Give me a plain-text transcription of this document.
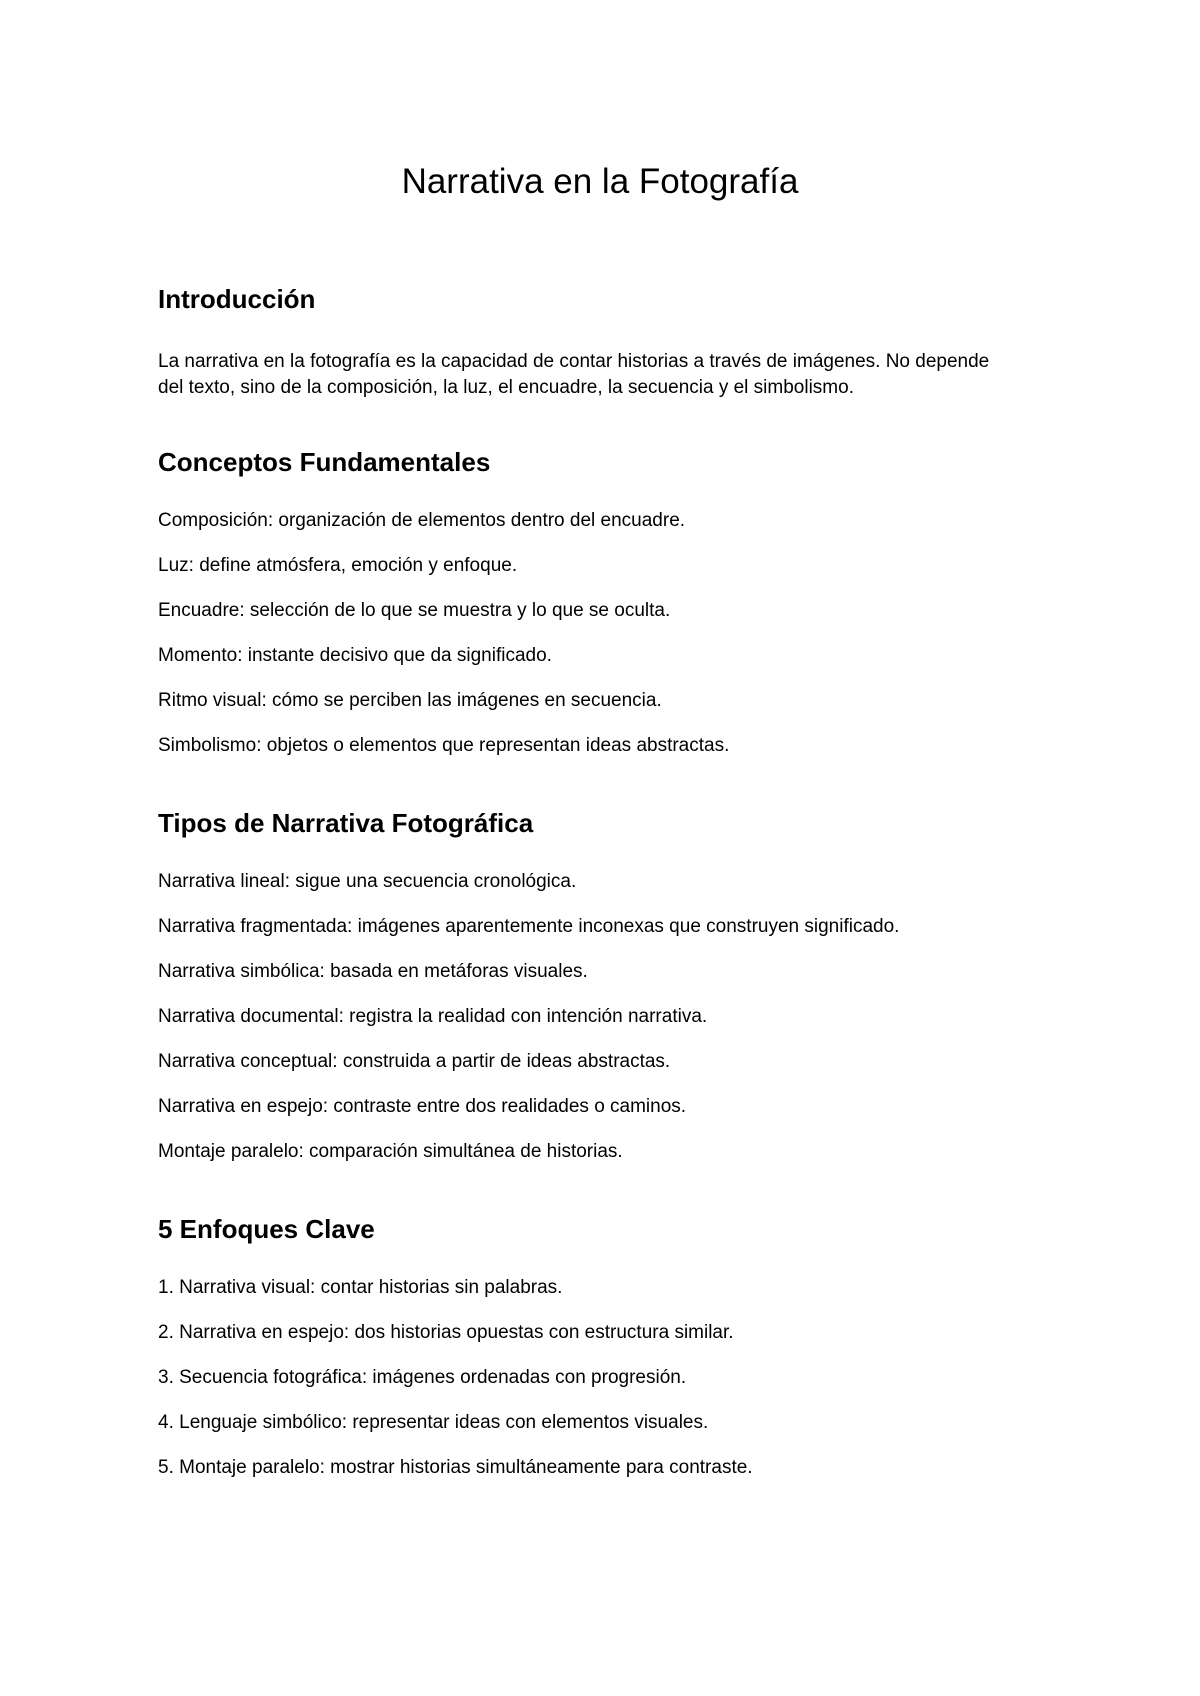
Narrativa en la Fotografía
Introducción

La narrativa en la fotografía es la capacidad de contar historias a través de imágenes. No depende

del texto, sino de la composición, la luz, el encuadre, la secuencia y el simbolismo.

Conceptos Fundamentales

Composición: organización de elementos dentro del encuadre.

Luz: define atmósfera, emoción y enfoque.

Encuadre: selección de lo que se muestra y lo que se oculta.

Momento: instante decisivo que da significado.

Ritmo visual: cómo se perciben las imágenes en secuencia.

Simbolismo: objetos o elementos que representan ideas abstractas.

Tipos de Narrativa Fotográfica

Narrativa lineal: sigue una secuencia cronológica.

Narrativa fragmentada: imágenes aparentemente inconexas que construyen significado.

Narrativa simbólica: basada en metáforas visuales.

Narrativa documental: registra la realidad con intención narrativa.

Narrativa conceptual: construida a partir de ideas abstractas.

Narrativa en espejo: contraste entre dos realidades o caminos.

Montaje paralelo: comparación simultánea de historias.

5 Enfoques Clave

1. Narrativa visual: contar historias sin palabras.

2. Narrativa en espejo: dos historias opuestas con estructura similar.

3. Secuencia fotográfica: imágenes ordenadas con progresión.

4. Lenguaje simbólico: representar ideas con elementos visuales.

5. Montaje paralelo: mostrar historias simultáneamente para contraste.
